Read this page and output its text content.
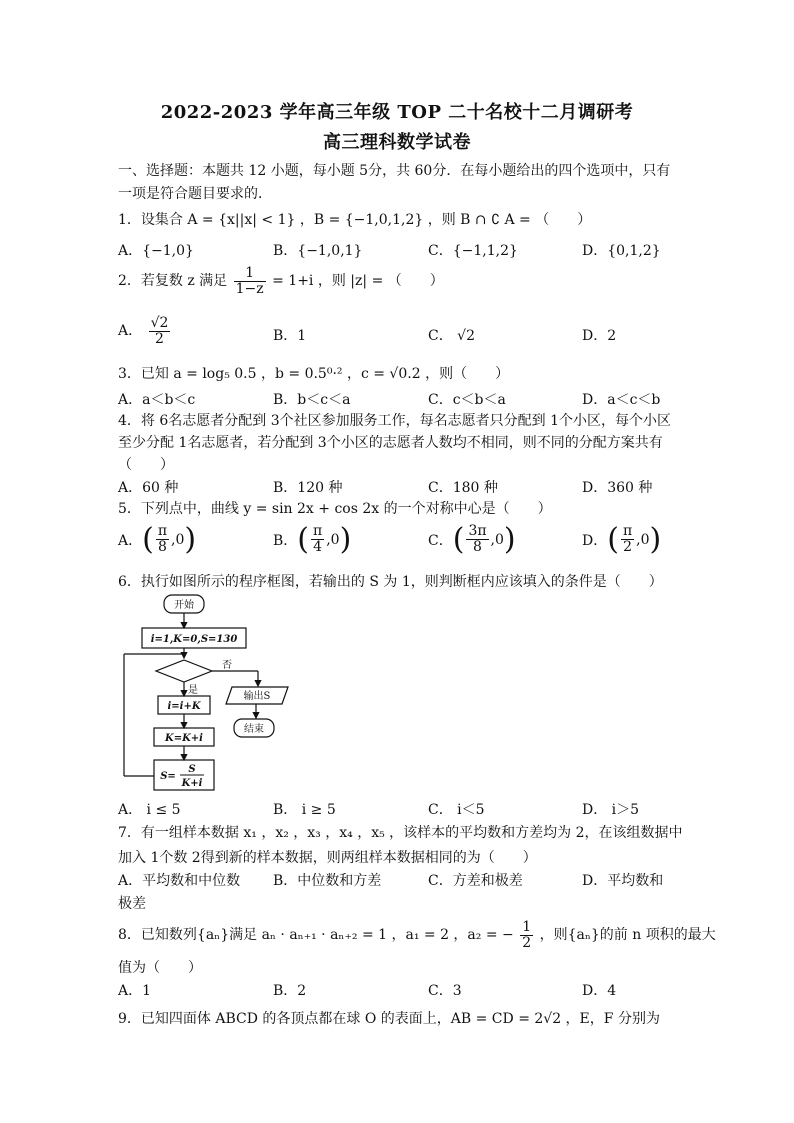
2022-2023 学年高三年级 TOP 二十名校十二月调研考
高三理科数学试卷
一、选择题：本题共 12 小题，每小题 5分，共 60分．在每小题给出的四个选项中，只有
一项是符合题目要求的．
1．设集合 A = {x||x| < 1} ，B = {−1,0,1,2} ，则 B ∩ ∁ A = （　　）
A．{−1,0}	B．{−1,0,1}	C．{−1,1,2}	D．{0,1,2}
2．若复数 z 满足 $\frac{1}{1-z} = 1+i$ ，则 |z| = （　　）
A． $\frac{√2}{2}$	B．1	C． √2	D．2
3．已知 a = log₅ 0.5 ，b = 0.5⁰·² ，c = √0.2 ，则（　　）
A．a＜b＜c	B．b＜c＜a	C．c＜b＜a	D．a＜c＜b
4．将 6名志愿者分配到 3个社区参加服务工作，每名志愿者只分配到 1个小区，每个小区
至少分配 1名志愿者，若分配到 3个小区的志愿者人数均不相同，则不同的分配方案共有
（　　）
A．60 种	B．120 种	C．180 种	D．360 种
5．下列点中，曲线 y = sin 2x + cos 2x 的一个对称中心是（　　）
A． ( $\frac{\pi}{8} ,0$ )	B． ( $\frac{\pi}{4} ,0$ )	C． ( $\frac{3\pi}{8} ,0$ )	D． ( $\frac{\pi}{2} ,0$ )
6．执行如图所示的程序框图，若输出的 S 为 1，则判断框内应该填入的条件是（　　）
开始
i=1,K=0,S=130
否
是
i=i+K
K=K+i
S=
S
K+i
输出S
结束
A． i ≤ 5	B． i ≥ 5	C． i＜5	D． i＞5
7．有一组样本数据 x₁ ，x₂ ，x₃ ，x₄ ，x₅ ，该样本的平均数和方差均为 2，在该组数据中
加入 1个数 2得到新的样本数据，则两组样本数据相同的为（　　）
A．平均数和中位数 B．中位数和方差	C．方差和极差	D．平均数和
极差
8．已知数列{aₙ}满足 aₙ · aₙ₊₁ · aₙ₊₂ = 1 ，a₁ = 2 ，a₂ = − $\frac{1}{2}$ ，则{aₙ}的前 n 项积的最大
值为（　　）
A．1	B．2	C．3	D．4
9．已知四面体 ABCD 的各顶点都在球 O 的表面上，AB = CD = 2√2 ，E，F 分别为
